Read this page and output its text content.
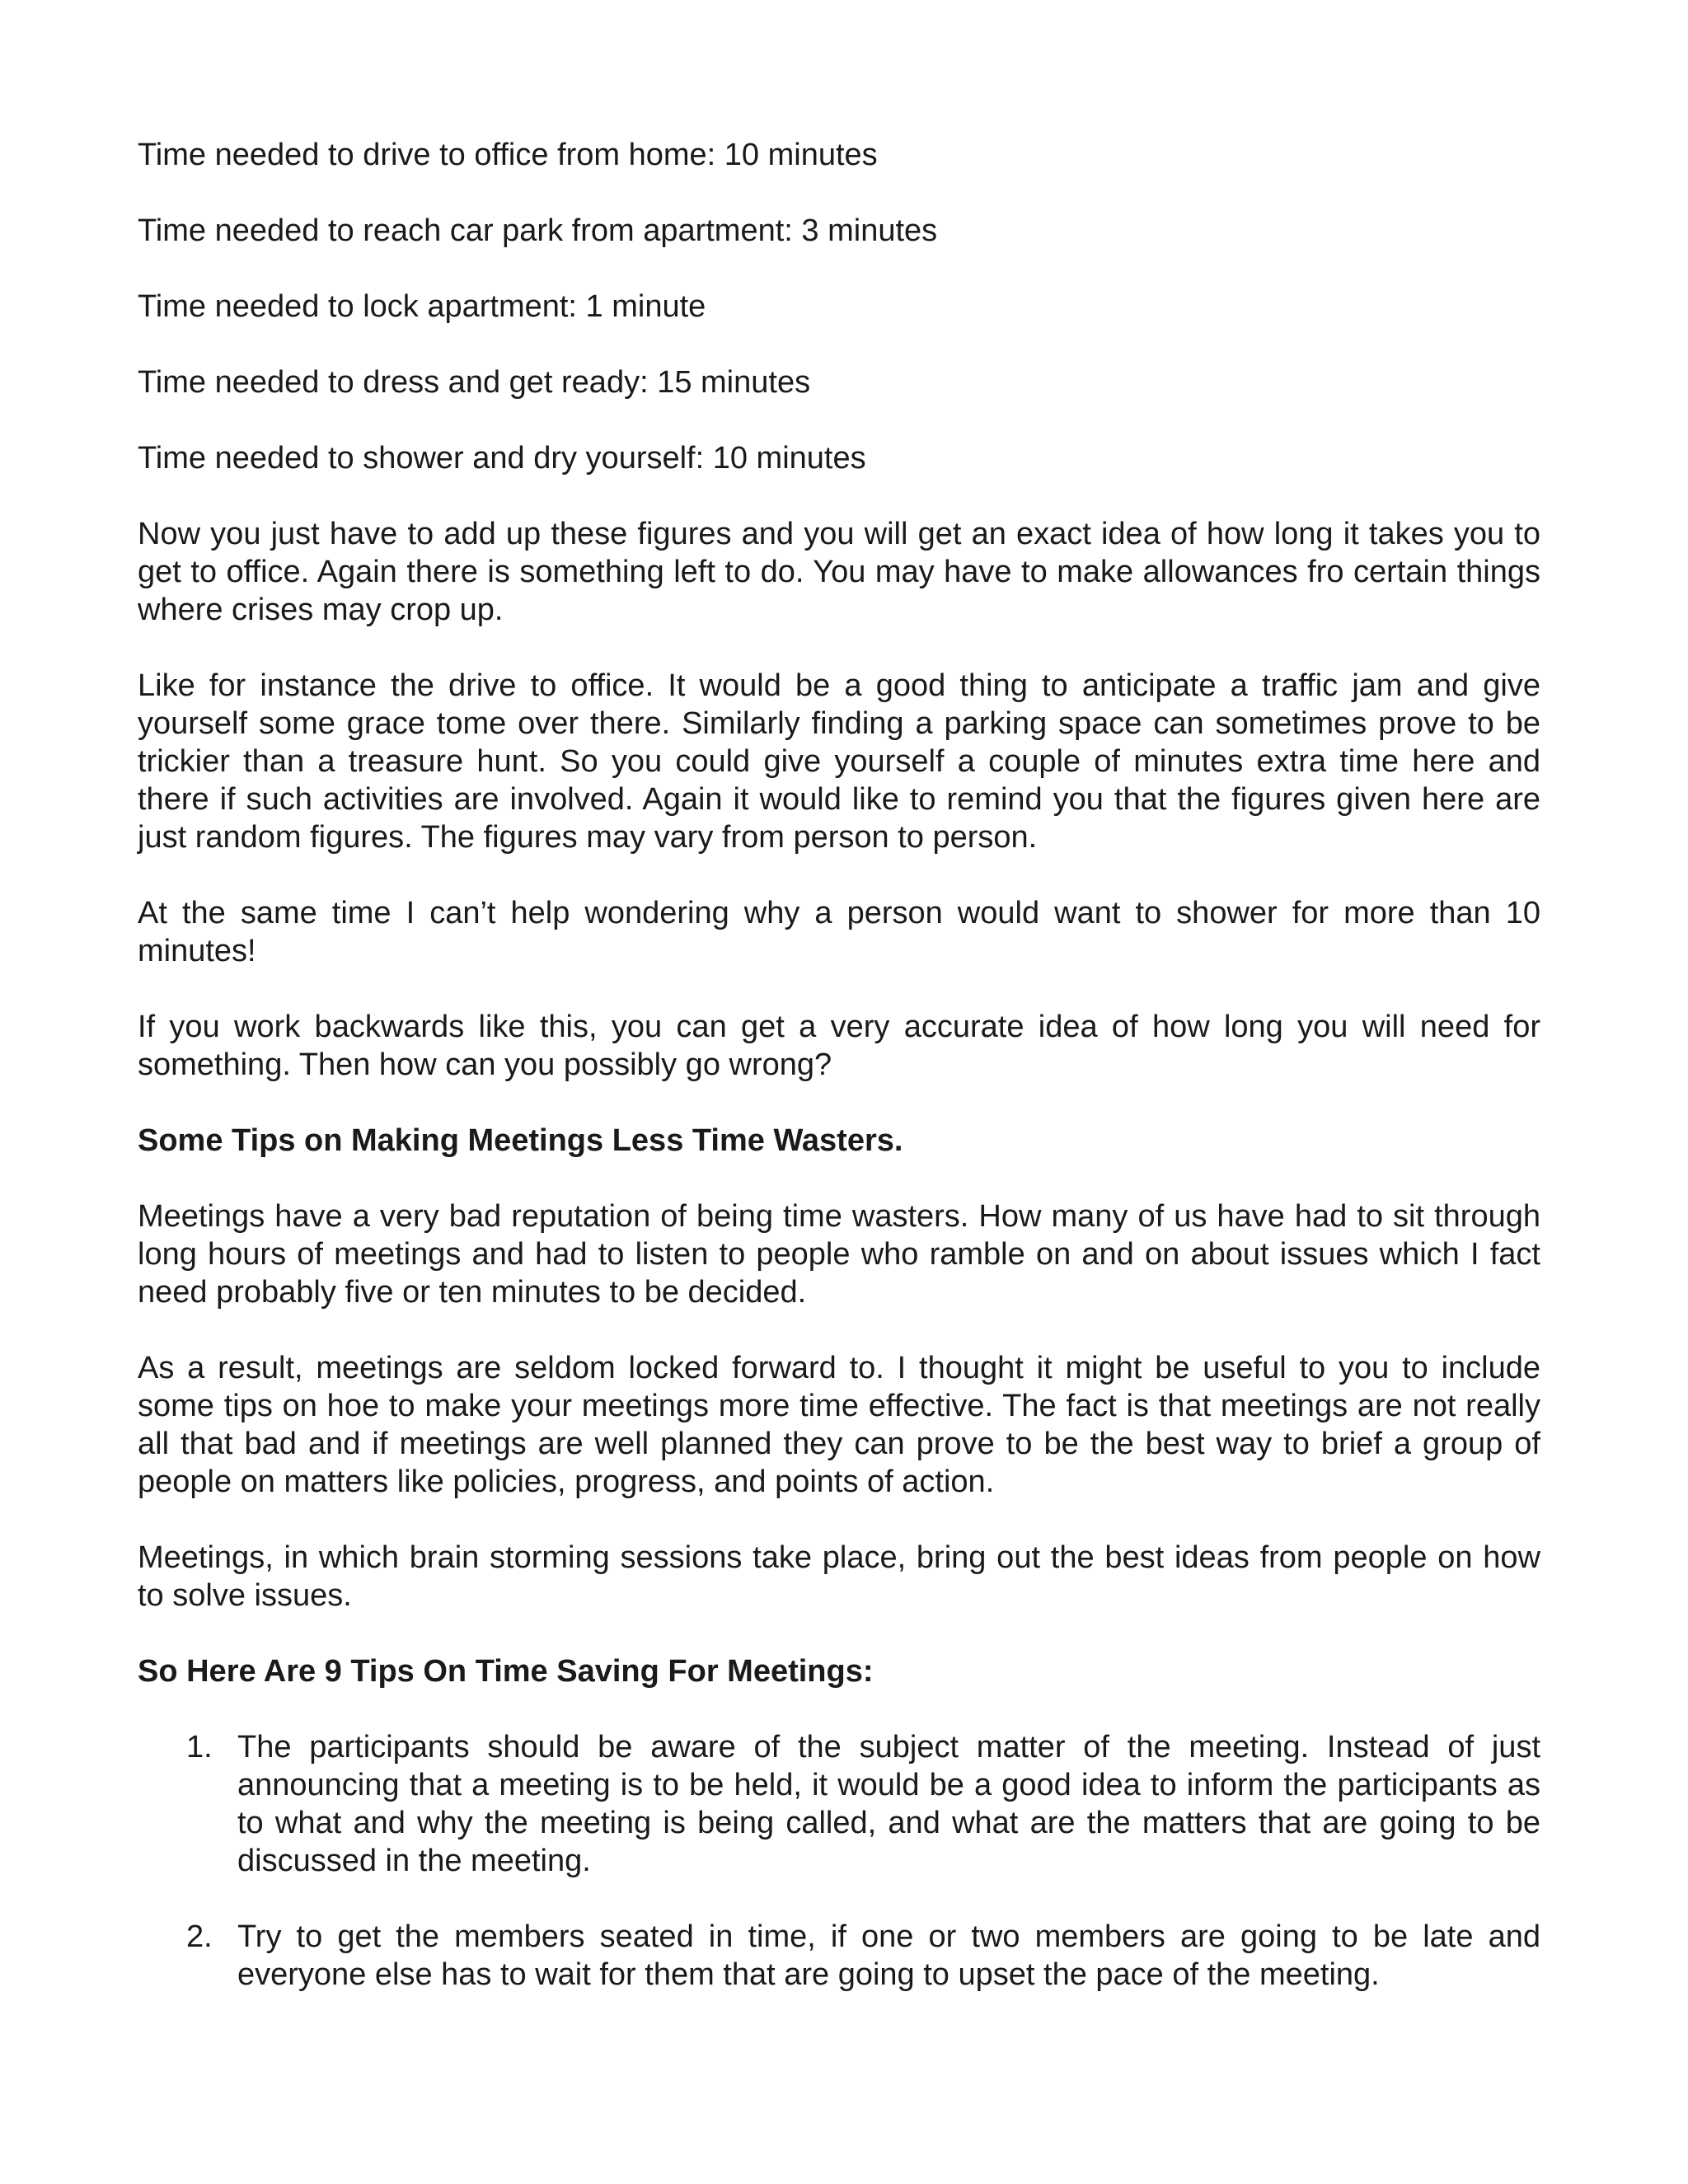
Time needed to drive to office from home: 10 minutes

Time needed to reach car park from apartment: 3 minutes

Time needed to lock apartment: 1 minute

Time needed to dress and get ready: 15 minutes

Time needed to shower and dry yourself: 10 minutes

Now you just have to add up these figures and you will get an exact idea of how long it takes you to get to office. Again there is something left to do. You may have to make allowances fro certain things where crises may crop up.

Like for instance the drive to office. It would be a good thing to anticipate a traffic jam and give yourself some grace tome over there. Similarly finding a parking space can sometimes prove to be trickier than a treasure hunt. So you could give yourself a couple of minutes extra time here and there if such activities are involved. Again it would like to remind you that the figures given here are just random figures. The figures may vary from person to person.

At the same time I can’t help wondering why a person would want to shower for more than 10 minutes!

If you work backwards like this, you can get a very accurate idea of how long you will need for something. Then how can you possibly go wrong?

Some Tips on Making Meetings Less Time Wasters.

Meetings have a very bad reputation of being time wasters. How many of us have had to sit through long hours of meetings and had to listen to people who ramble on and on about issues which I fact need probably five or ten minutes to be decided.

As a result, meetings are seldom locked forward to. I thought it might be useful to you to include some tips on hoe to make your meetings more time effective. The fact is that meetings are not really all that bad and if meetings are well planned they can prove to be the best way to brief a group of people on matters like policies, progress, and points of action.

Meetings, in which brain storming sessions take place, bring out the best ideas from people on how to solve issues.

So Here Are 9 Tips On Time Saving For Meetings:

1. The participants should be aware of the subject matter of the meeting. Instead of just announcing that a meeting is to be held, it would be a good idea to inform the participants as to what and why the meeting is being called, and what are the matters that are going to be discussed in the meeting.
2. Try to get the members seated in time, if one or two members are going to be late and everyone else has to wait for them that are going to upset the pace of the meeting.
